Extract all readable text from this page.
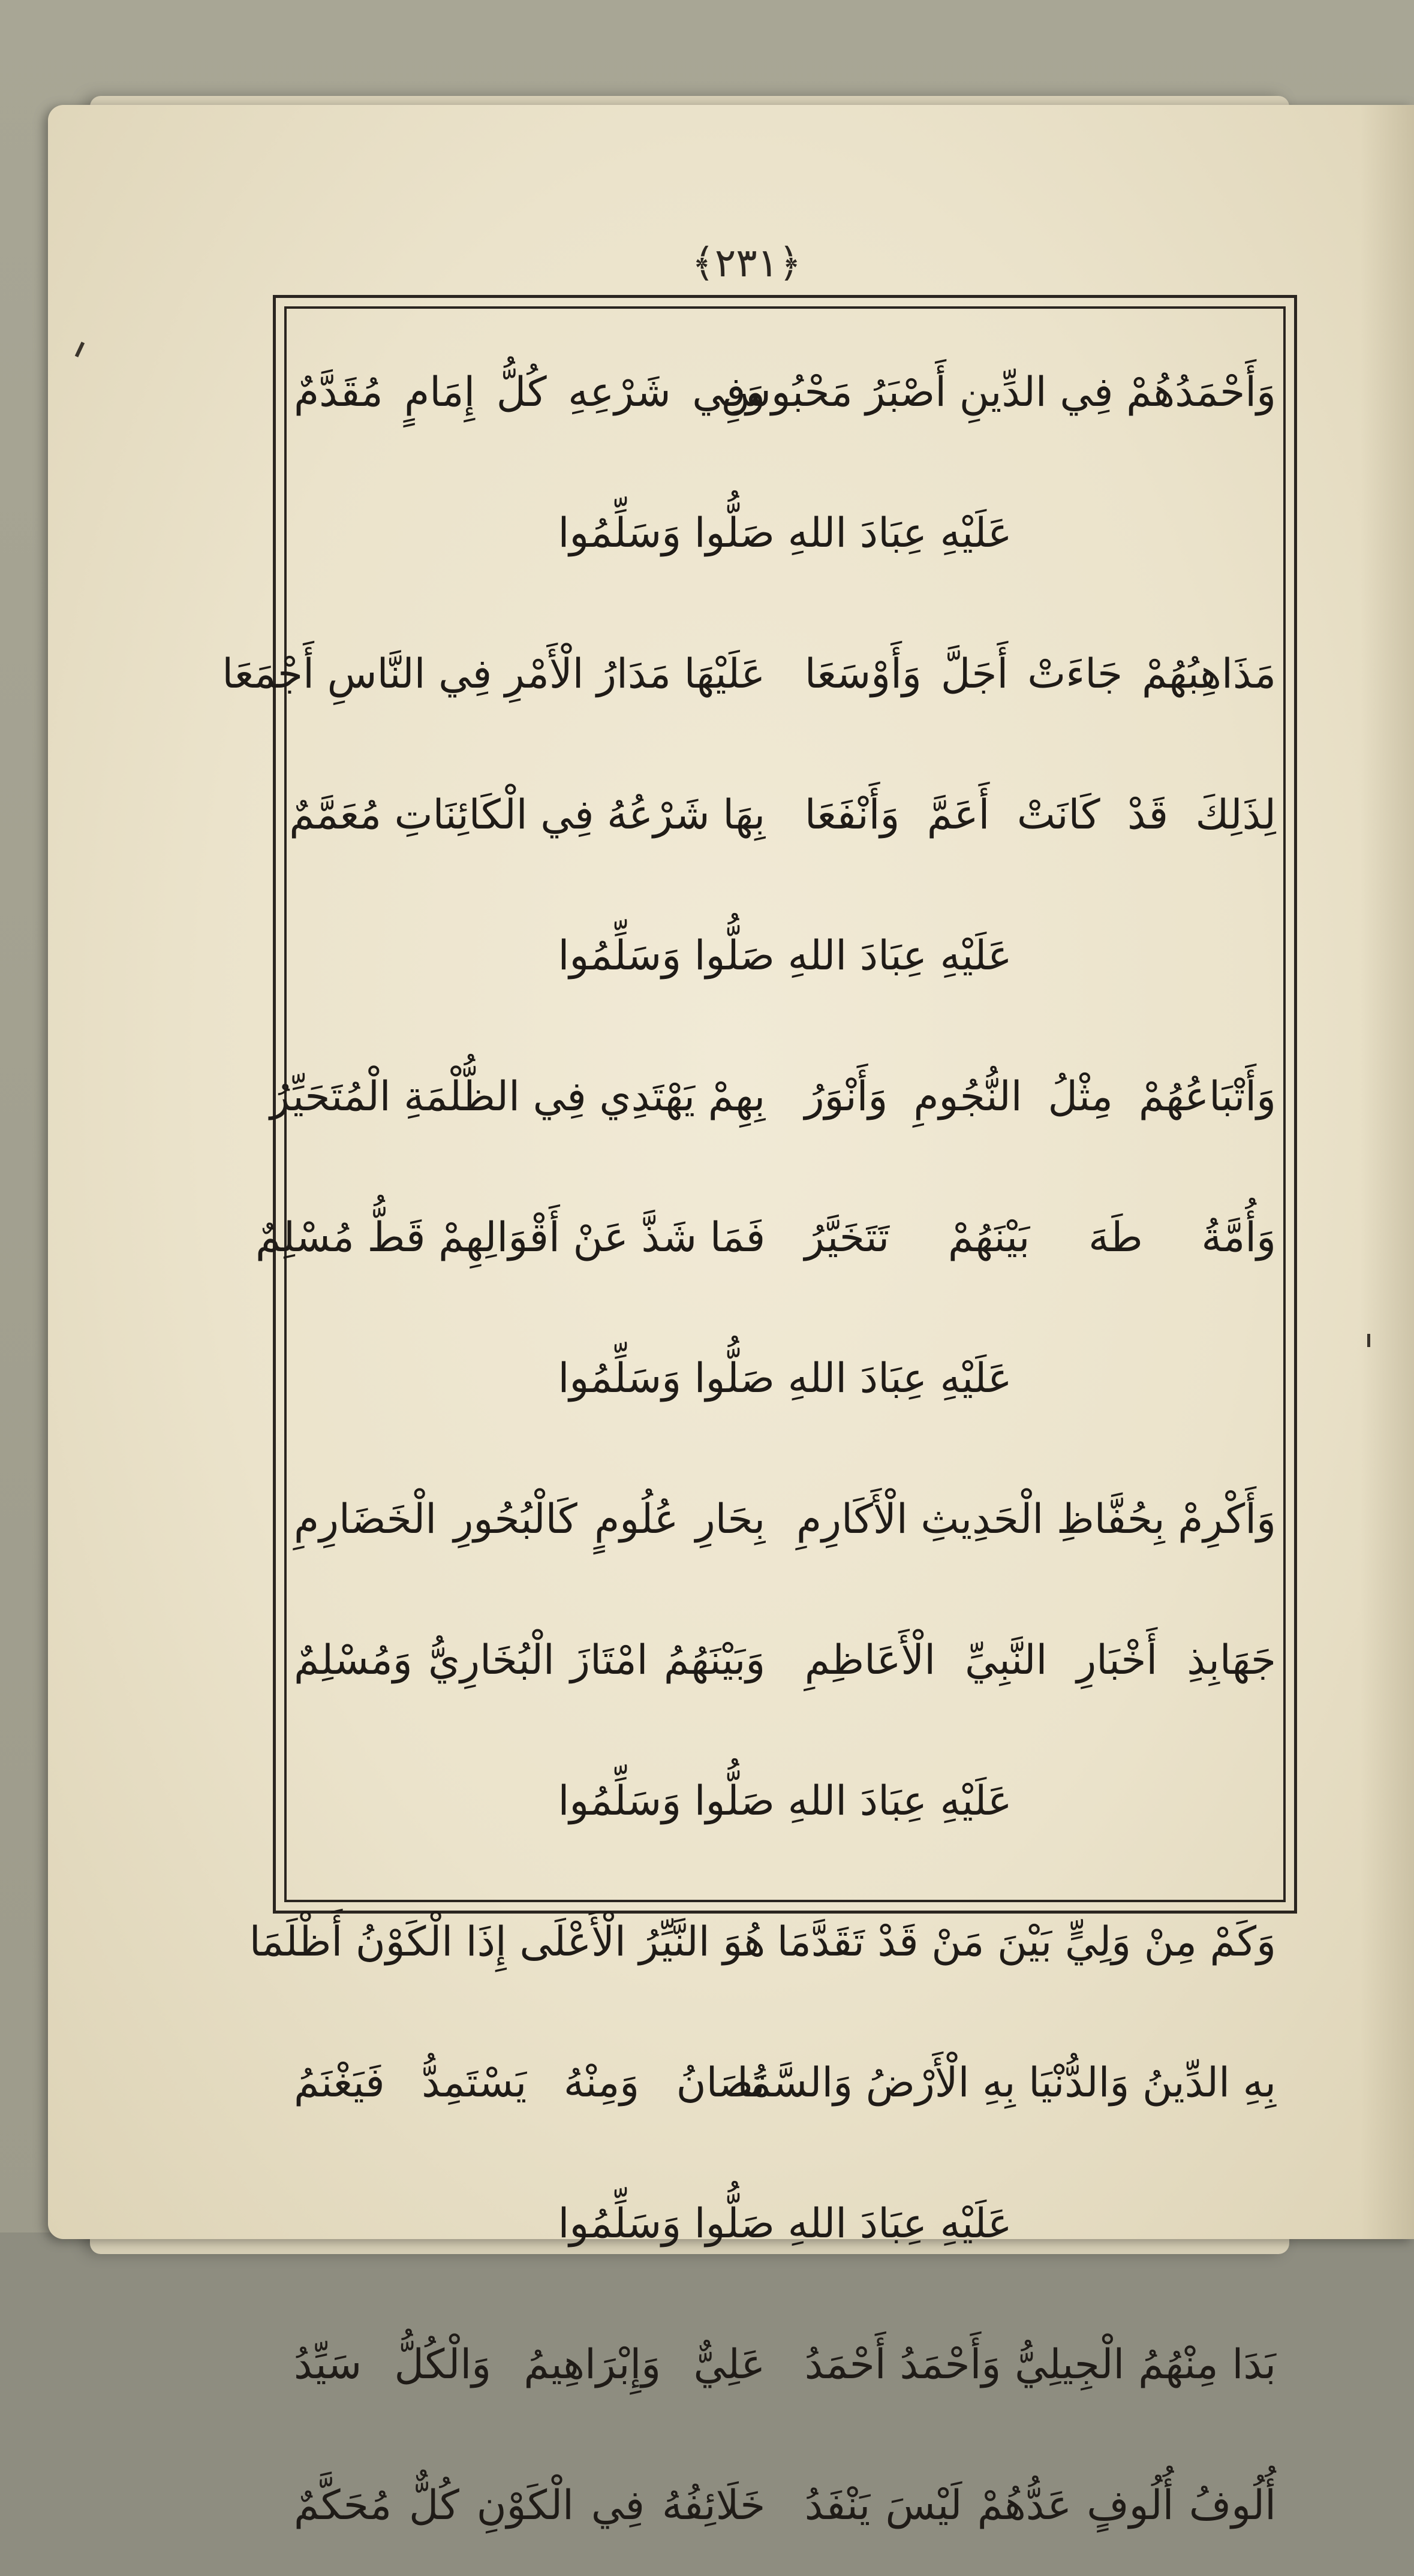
﴿٢٣١﴾
وَأَحْمَدُهُمْ فِي الدِّينِ أَصْبَرُ مَحْبُوسِ
وَفِي شَرْعِهِ كُلُّ إِمَامٍ مُقَدَّمٌ
عَلَيْهِ عِبَادَ اللهِ صَلُّوا وَسَلِّمُوا
مَذَاهِبُهُمْ جَاءَتْ أَجَلَّ وَأَوْسَعَا
عَلَيْهَا مَدَارُ الْأَمْرِ فِي النَّاسِ أَجْمَعَا
لِذَلِكَ قَدْ كَانَتْ أَعَمَّ وَأَنْفَعَا
بِهَا شَرْعُهُ فِي الْكَائِنَاتِ مُعَمَّمٌ
عَلَيْهِ عِبَادَ اللهِ صَلُّوا وَسَلِّمُوا
وَأَتْبَاعُهُمْ مِثْلُ النُّجُومِ وَأَنْوَرُ
بِهِمْ يَهْتَدِي فِي الظُّلْمَةِ الْمُتَحَيِّرُ
وَأُمَّةُ طَهَ بَيْنَهُمْ تَتَخَيَّرُ
فَمَا شَذَّ عَنْ أَقْوَالِهِمْ قَطُّ مُسْلِمٌ
عَلَيْهِ عِبَادَ اللهِ صَلُّوا وَسَلِّمُوا
وَأَكْرِمْ بِحُفَّاظِ الْحَدِيثِ الْأَكَارِمِ
بِحَارِ عُلُومٍ كَالْبُحُورِ الْخَضَارِمِ
جَهَابِذِ أَخْبَارِ النَّبِيِّ الْأَعَاظِمِ
وَبَيْنَهُمُ امْتَازَ الْبُخَارِيُّ وَمُسْلِمٌ
عَلَيْهِ عِبَادَ اللهِ صَلُّوا وَسَلِّمُوا
وَكَمْ مِنْ وَلِيٍّ بَيْنَ مَنْ قَدْ تَقَدَّمَا
هُوَ النَّيِّرُ الْأَعْلَى إِذَا الْكَوْنُ أَظْلَمَا
بِهِ الدِّينُ وَالدُّنْيَا بِهِ الْأَرْضُ وَالسَّمَا
تُصَانُ وَمِنْهُ يَسْتَمِدُّ فَيَغْنَمُ
عَلَيْهِ عِبَادَ اللهِ صَلُّوا وَسَلِّمُوا
بَدَا مِنْهُمُ الْجِيلِيُّ وَأَحْمَدُ أَحْمَدُ
عَلِيٌّ وَإِبْرَاهِيمُ وَالْكُلُّ سَيِّدُ
أُلُوفُ أُلُوفٍ عَدُّهُمْ لَيْسَ يَنْفَدُ
خَلَائِفُهُ فِي الْكَوْنِ كُلٌّ مُحَكَّمٌ
